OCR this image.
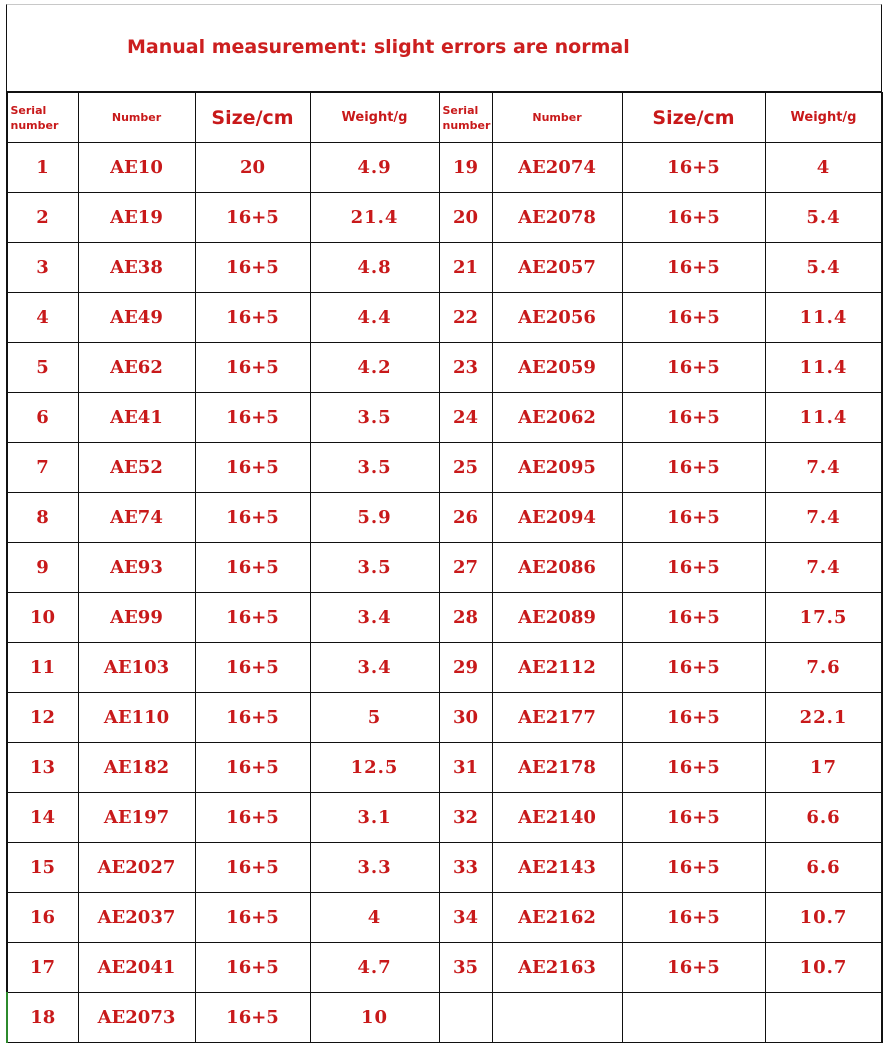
Manual measurement: slight errors are normal
Serial number	Number	Size/cm	Weight/g	Serial number	Number	Size/cm	Weight/g
1	AE10	20	4.9	19	AE2074	16+5	4
2	AE19	16+5	21.4	20	AE2078	16+5	5.4
3	AE38	16+5	4.8	21	AE2057	16+5	5.4
4	AE49	16+5	4.4	22	AE2056	16+5	11.4
5	AE62	16+5	4.2	23	AE2059	16+5	11.4
6	AE41	16+5	3.5	24	AE2062	16+5	11.4
7	AE52	16+5	3.5	25	AE2095	16+5	7.4
8	AE74	16+5	5.9	26	AE2094	16+5	7.4
9	AE93	16+5	3.5	27	AE2086	16+5	7.4
10	AE99	16+5	3.4	28	AE2089	16+5	17.5
11	AE103	16+5	3.4	29	AE2112	16+5	7.6
12	AE110	16+5	5	30	AE2177	16+5	22.1
13	AE182	16+5	12.5	31	AE2178	16+5	17
14	AE197	16+5	3.1	32	AE2140	16+5	6.6
15	AE2027	16+5	3.3	33	AE2143	16+5	6.6
16	AE2037	16+5	4	34	AE2162	16+5	10.7
17	AE2041	16+5	4.7	35	AE2163	16+5	10.7
18	AE2073	16+5	10				
